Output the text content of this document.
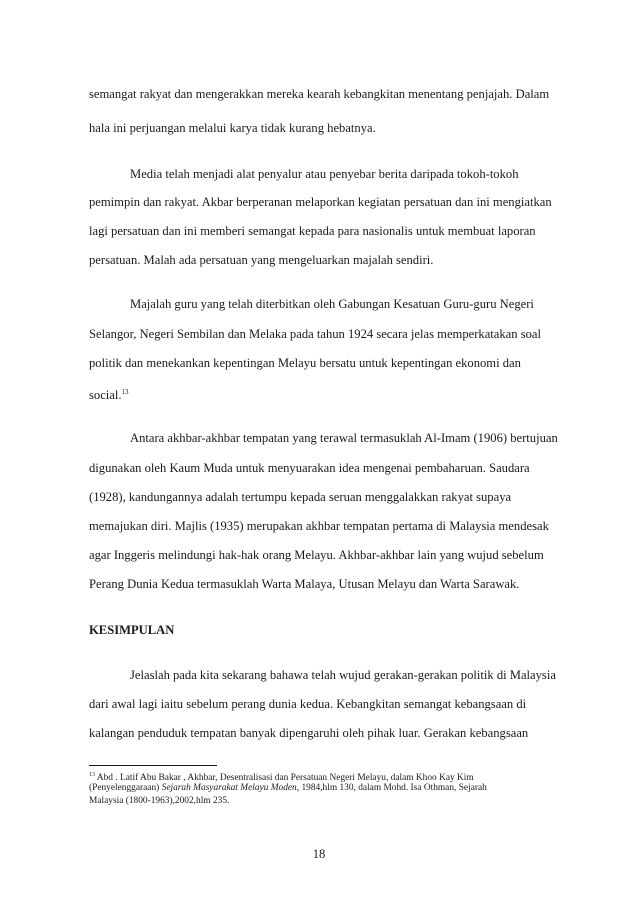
semangat rakyat dan mengerakkan mereka kearah kebangkitan menentang penjajah. Dalam
hala ini perjuangan melalui karya tidak kurang hebatnya.
Media telah menjadi alat penyalur atau penyebar berita daripada tokoh-tokoh
pemimpin dan rakyat. Akbar berperanan melaporkan kegiatan persatuan dan ini mengiatkan
lagi persatuan dan ini memberi semangat kepada para nasionalis untuk membuat laporan
persatuan. Malah ada persatuan yang mengeluarkan majalah sendiri.
Majalah guru yang telah diterbitkan oleh Gabungan Kesatuan Guru-guru Negeri
Selangor, Negeri Sembilan dan Melaka pada tahun 1924 secara jelas memperkatakan soal
politik dan menekankan kepentingan Melayu bersatu untuk kepentingan ekonomi dan
social.$^{13}$
Antara akhbar-akhbar tempatan yang terawal termasuklah Al-Imam (1906) bertujuan
digunakan oleh Kaum Muda untuk menyuarakan idea mengenai pembaharuan. Saudara
(1928), kandungannya adalah tertumpu kepada seruan menggalakkan rakyat supaya
memajukan diri. Majlis (1935) merupakan akhbar tempatan pertama di Malaysia mendesak
agar Inggeris melindungi hak-hak orang Melayu. Akhbar-akhbar lain yang wujud sebelum
Perang Dunia Kedua termasuklah Warta Malaya, Utusan Melayu dan Warta Sarawak.
KESIMPULAN
Jelaslah pada kita sekarang bahawa telah wujud gerakan-gerakan politik di Malaysia
dari awal lagi iaitu sebelum perang dunia kedua. Kebangkitan semangat kebangsaan di
kalangan penduduk tempatan banyak dipengaruhi oleh pihak luar. Gerakan kebangsaan
$^{13}$ Abd . Latif Abu Bakar , Akhbar, Desentralisasi dan Persatuan Negeri Melayu, dalam Khoo Kay Kim
(Penyelenggaraan) Sejarah Masyarakat Melayu Moden, 1984,hlm 130, dalam Mohd. Isa Othman, Sejarah
Malaysia (1800-1963),2002,hlm 235.
18
